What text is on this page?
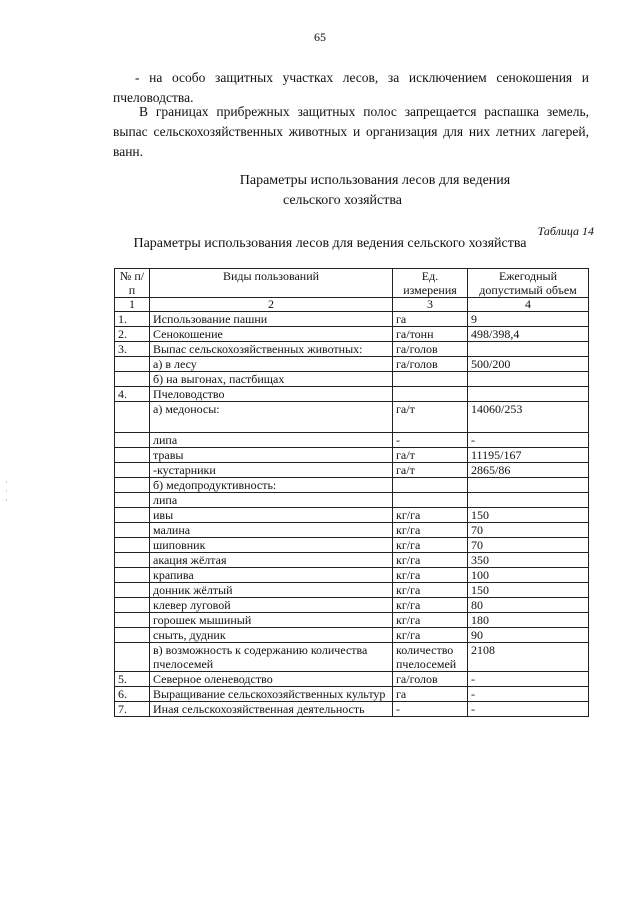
65
- на особо защитных участках лесов, за исключением сенокошения и пчеловодства.
В границах прибрежных защитных полос запрещается распашка земель, выпас сельскохозяйственных животных и организация для них летних лагерей, ванн.
Параметры использования лесов для ведения
сельского хозяйства
Таблица 14
Параметры использования лесов для ведения сельского хозяйства
№ п/п	Виды пользований	Ед. измерения	Ежегодный допустимый объем
1	2	3	4
1.	Использование пашни	га	9
2.	Сенокошение	га/тонн	498/398,4
3.	Выпас сельскохозяйственных животных:	га/голов	
	а) в лесу	га/голов	500/200
	б) на выгонах, пастбищах		
4.	Пчеловодство		
	а) медоносы:	га/т	14060/253
	липа	-	-
	травы	га/т	11195/167
	-кустарники	га/т	2865/86
	б) медопродуктивность:		
	липа		
	ивы	кг/га	150
	малина	кг/га	70
	шиповник	кг/га	70
	акация жёлтая	кг/га	350
	крапива	кг/га	100
	донник жёлтый	кг/га	150
	клевер луговой	кг/га	80
	горошек мышиный	кг/га	180
	сныть, дудник	кг/га	90
	в) возможность к содержанию количества пчелосемей	количество пчелосемей	2108
5.	Северное оленеводство	га/голов	-
6.	Выращивание сельскохозяйственных культур	га	-
7.	Иная сельскохозяйственная деятельность	-	-
·
·
·
